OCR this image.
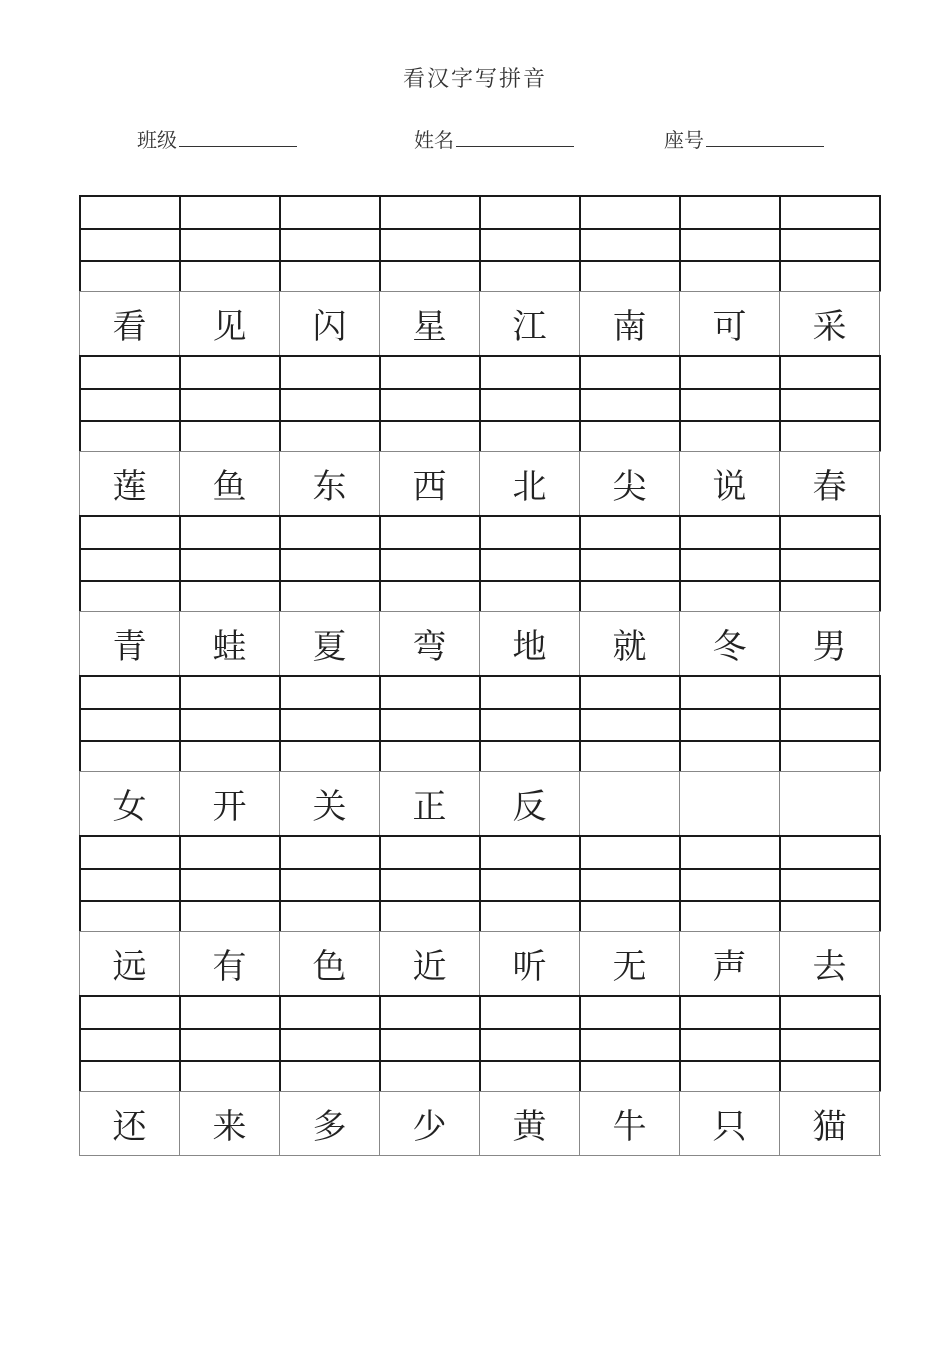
看汉字写拼音
班级	姓名	座号
看	见	闪	星	江	南	可	采
莲	鱼	东	西	北	尖	说	春
青	蛙	夏	弯	地	就	冬	男
女	开	关	正	反
远	有	色	近	听	无	声	去
还	来	多	少	黄	牛	只	猫
